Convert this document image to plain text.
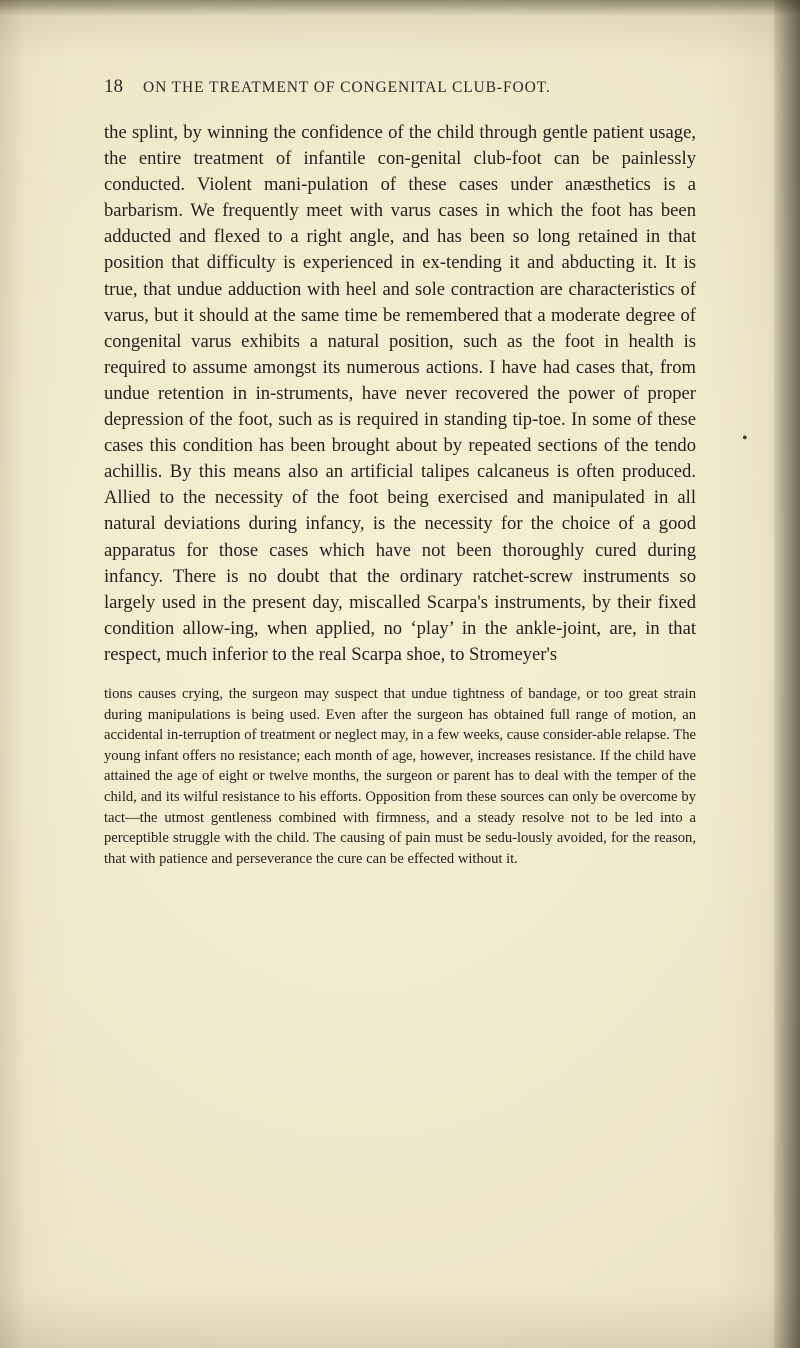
18 ON THE TREATMENT OF CONGENITAL CLUB-FOOT.

the splint, by winning the confidence of the child through gentle patient usage, the entire treatment of infantile con-genital club-foot can be painlessly conducted. Violent mani-pulation of these cases under anæsthetics is a barbarism. We frequently meet with varus cases in which the foot has been adducted and flexed to a right angle, and has been so long retained in that position that difficulty is experienced in ex-tending it and abducting it. It is true, that undue adduction with heel and sole contraction are characteristics of varus, but it should at the same time be remembered that a moderate degree of congenital varus exhibits a natural position, such as the foot in health is required to assume amongst its numerous actions. I have had cases that, from undue retention in in-struments, have never recovered the power of proper depression of the foot, such as is required in standing tip-toe. In some of these cases this condition has been brought about by repeated sections of the tendo achillis. By this means also an artificial talipes calcaneus is often produced. Allied to the necessity of the foot being exercised and manipulated in all natural deviations during infancy, is the necessity for the choice of a good apparatus for those cases which have not been thoroughly cured during infancy. There is no doubt that the ordinary ratchet-screw instruments so largely used in the present day, miscalled Scarpa's instruments, by their fixed condition allow-ing, when applied, no ‘play’ in the ankle-joint, are, in that respect, much inferior to the real Scarpa shoe, to Stromeyer's

tions causes crying, the surgeon may suspect that undue tightness of bandage, or too great strain during manipulations is being used. Even after the surgeon has obtained full range of motion, an accidental in-terruption of treatment or neglect may, in a few weeks, cause consider-able relapse. The young infant offers no resistance; each month of age, however, increases resistance. If the child have attained the age of eight or twelve months, the surgeon or parent has to deal with the temper of the child, and its wilful resistance to his efforts. Opposition from these sources can only be overcome by tact—the utmost gentleness combined with firmness, and a steady resolve not to be led into a perceptible struggle with the child. The causing of pain must be sedu-lously avoided, for the reason, that with patience and perseverance the cure can be effected without it.

•
